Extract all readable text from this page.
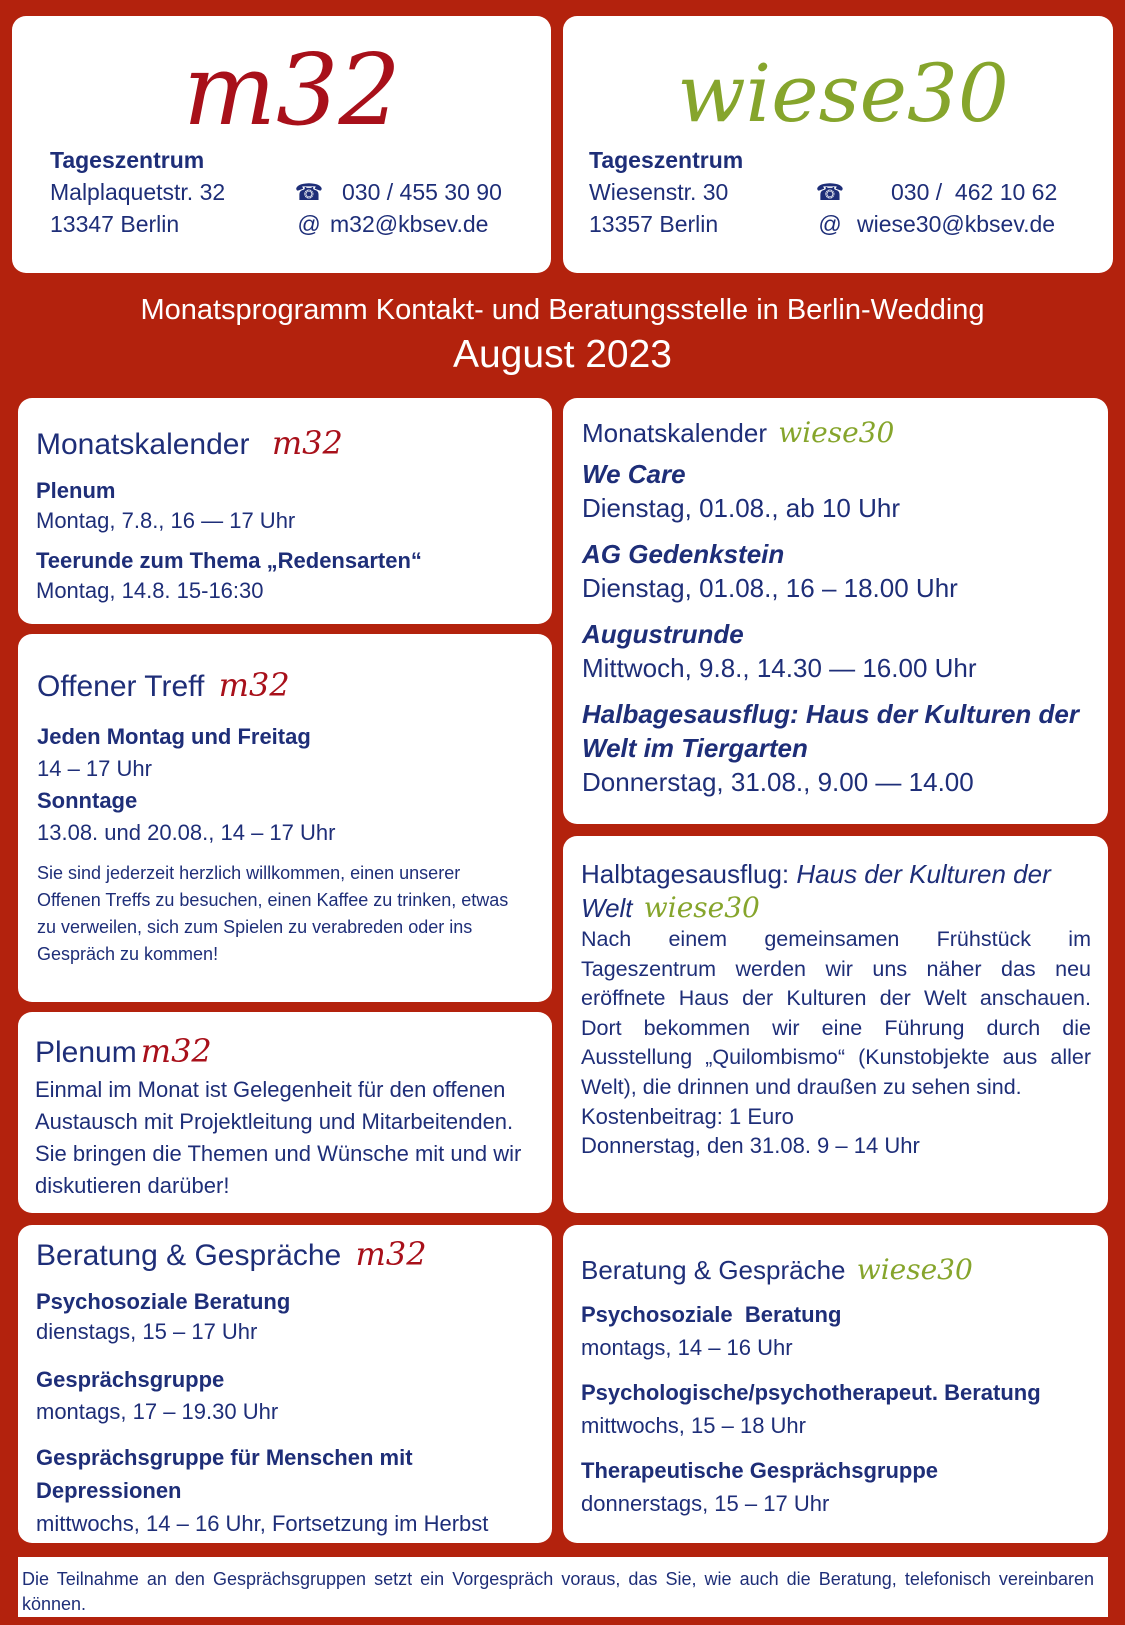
m32
Tageszentrum
Malplaquetstr. 32
13347 Berlin
☎ 030 / 455 30 90
@ m32@kbsev.de
wiese30
Tageszentrum
Wiesenstr. 30
13357 Berlin
☎	030 /  462 10 62
@ wiese30@kbsev.de
Monatsprogramm Kontakt- und Beratungsstelle in Berlin-Wedding
August 2023
Monatskalender m32
Plenum
Montag, 7.8., 16 — 17 Uhr
Teerunde zum Thema „Redensarten“
Montag, 14.8. 15-16:30
Offener Treff m32
Jeden Montag und Freitag
14 – 17 Uhr
Sonntage
13.08. und 20.08., 14 – 17 Uhr
Sie sind jederzeit herzlich willkommen, einen unserer Offenen Treffs zu besuchen, einen Kaffee zu trinken, etwas zu verweilen, sich zum Spielen zu verabreden oder ins Gespräch zu kommen!
Plenum m32
Einmal im Monat ist Gelegenheit für den offenen Austausch mit Projektleitung und Mitarbeitenden. Sie bringen die Themen und Wünsche mit und wir diskutieren darüber!
Beratung & Gespräche m32
Psychosoziale Beratung
dienstags, 15 – 17 Uhr
Gesprächsgruppe
montags, 17 – 19.30 Uhr
Gesprächsgruppe für Menschen mit Depressionen
mittwochs, 14 – 16 Uhr, Fortsetzung im Herbst
Monatskalender wiese30
We Care
Dienstag, 01.08., ab 10 Uhr
AG Gedenkstein
Dienstag, 01.08., 16 – 18.00 Uhr
Augustrunde
Mittwoch, 9.8., 14.30 — 16.00 Uhr
Halbagesausflug: Haus der Kulturen der Welt im Tiergarten
Donnerstag, 31.08., 9.00 — 14.00
Halbtagesausflug: Haus der Kulturen der Welt wiese30
Nach einem gemeinsamen Frühstück im Tageszentrum werden wir uns näher das neu eröffnete Haus der Kulturen der Welt anschauen. Dort bekommen wir eine Führung durch die Ausstellung „Quilombismo“ (Kunstobjekte aus aller Welt), die drinnen und draußen zu sehen sind.
Kostenbeitrag: 1 Euro
Donnerstag, den 31.08. 9 – 14 Uhr
Beratung & Gespräche wiese30
Psychosoziale  Beratung
montags, 14 – 16 Uhr
Psychologische/psychotherapeut. Beratung
mittwochs, 15 – 18 Uhr
Therapeutische Gesprächsgruppe
donnerstags, 15 – 17 Uhr
Die Teilnahme an den Gesprächsgruppen setzt ein Vorgespräch voraus, das Sie, wie auch die Beratung, telefonisch vereinbaren können.
